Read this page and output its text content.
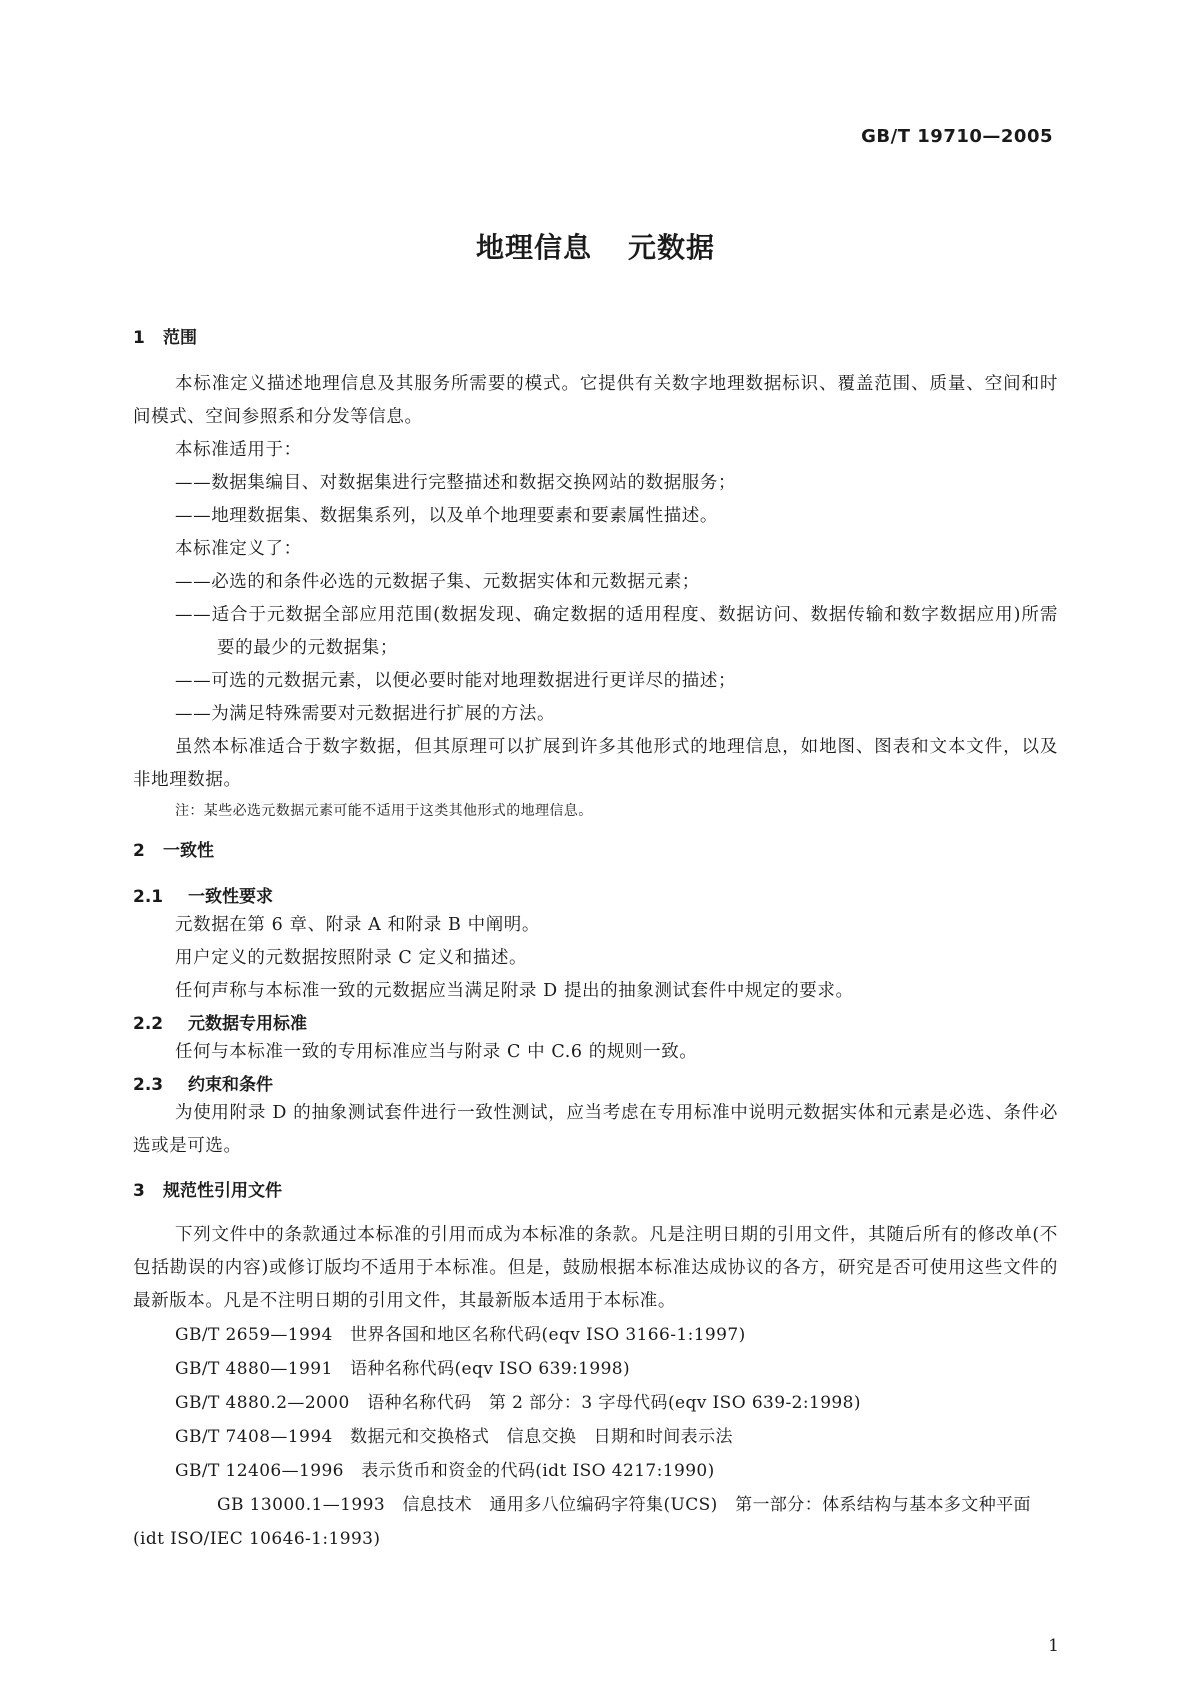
GB/T 19710—2005
地理信息 元数据
1	范围
本标准定义描述地理信息及其服务所需要的模式。它提供有关数字地理数据标识、覆盖范围、质量、空间和时间模式、空间参照系和分发等信息。
本标准适用于：
——数据集编目、对数据集进行完整描述和数据交换网站的数据服务；
——地理数据集、数据集系列，以及单个地理要素和要素属性描述。
本标准定义了：
——必选的和条件必选的元数据子集、元数据实体和元数据元素；
——适合于元数据全部应用范围(数据发现、确定数据的适用程度、数据访问、数据传输和数字数据应用)所需要的最少的元数据集；
——可选的元数据元素，以便必要时能对地理数据进行更详尽的描述；
——为满足特殊需要对元数据进行扩展的方法。
虽然本标准适合于数字数据，但其原理可以扩展到许多其他形式的地理信息，如地图、图表和文本文件，以及非地理数据。
注：某些必选元数据元素可能不适用于这类其他形式的地理信息。
2	一致性
2.1	一致性要求
元数据在第 6 章、附录 A 和附录 B 中阐明。
用户定义的元数据按照附录 C 定义和描述。
任何声称与本标准一致的元数据应当满足附录 D 提出的抽象测试套件中规定的要求。
2.2	元数据专用标准
任何与本标准一致的专用标准应当与附录 C 中 C.6 的规则一致。
2.3	约束和条件
为使用附录 D 的抽象测试套件进行一致性测试，应当考虑在专用标准中说明元数据实体和元素是必选、条件必选或是可选。
3	规范性引用文件
下列文件中的条款通过本标准的引用而成为本标准的条款。凡是注明日期的引用文件，其随后所有的修改单(不包括勘误的内容)或修订版均不适用于本标准。但是，鼓励根据本标准达成协议的各方，研究是否可使用这些文件的最新版本。凡是不注明日期的引用文件，其最新版本适用于本标准。
GB/T 2659—1994　 世界各国和地区名称代码(eqv ISO 3166-1:1997)
GB/T 4880—1991　 语种名称代码(eqv ISO 639:1998)
GB/T 4880.2—2000　 语种名称代码　第 2 部分：3 字母代码(eqv ISO 639-2:1998)
GB/T 7408—1994　 数据元和交换格式　信息交换　日期和时间表示法
GB/T 12406—1996　 表示货币和资金的代码(idt ISO 4217:1990)
GB 13000.1—1993　 信息技术　通用多八位编码字符集(UCS)　第一部分：体系结构与基本多文种平面(idt ISO/IEC 10646-1:1993)
1
